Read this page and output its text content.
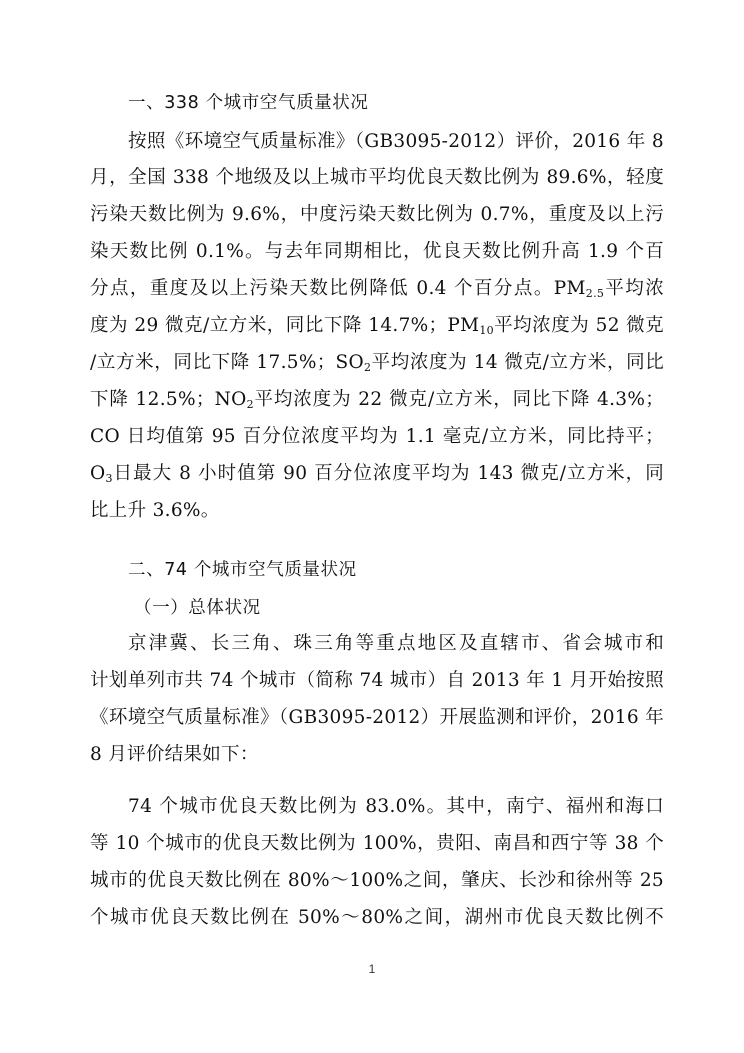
一、338 个城市空气质量状况
按照《环境空气质量标准》（GB3095-2012）评价，2016 年 8
月，全国 338 个地级及以上城市平均优良天数比例为 89.6%，轻度
污染天数比例为 9.6%，中度污染天数比例为 0.7%，重度及以上污
染天数比例 0.1%。与去年同期相比，优良天数比例升高 1.9 个百
分点，重度及以上污染天数比例降低 0.4 个百分点。$PM_{2.5}$平均浓
度为 29 微克/立方米，同比下降 14.7%；$PM_{10}$平均浓度为 52 微克
/立方米，同比下降 17.5%；$SO_2$平均浓度为 14 微克/立方米，同比
下降 12.5%；$NO_2$平均浓度为 22 微克/立方米，同比下降 4.3%；
CO 日均值第 95 百分位浓度平均为 1.1 毫克/立方米，同比持平；
$O_3$日最大 8 小时值第 90 百分位浓度平均为 143 微克/立方米，同
比上升 3.6%。
二、74 个城市空气质量状况
（一）总体状况
京津冀、长三角、珠三角等重点地区及直辖市、省会城市和
计划单列市共 74 个城市（简称 74 城市）自 2013 年 1 月开始按照
《环境空气质量标准》（GB3095-2012）开展监测和评价，2016 年
8 月评价结果如下：
74 个城市优良天数比例为 83.0%。其中，南宁、福州和海口
等 10 个城市的优良天数比例为 100%，贵阳、南昌和西宁等 38 个
城市的优良天数比例在 80%～100%之间，肇庆、长沙和徐州等 25
个城市优良天数比例在 50%～80%之间，湖州市优良天数比例不
1
